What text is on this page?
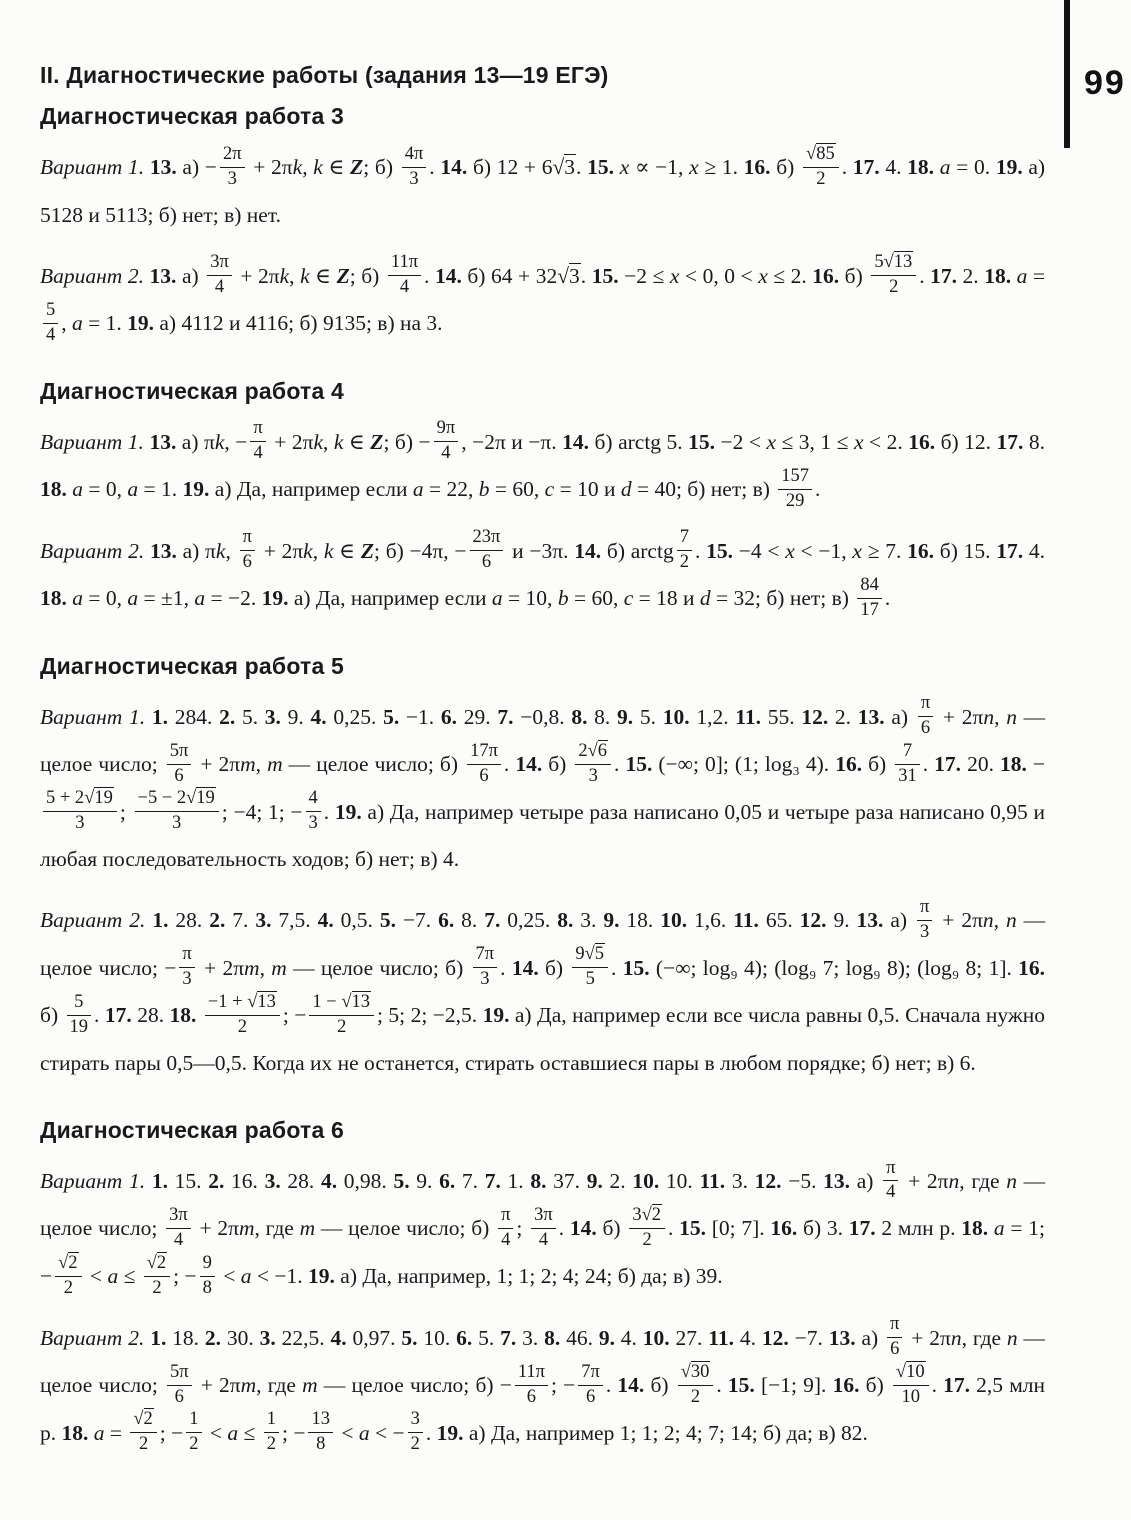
99
II. Диагностические работы (задания 13—19 ЕГЭ)
Диагностическая работа 3

Вариант 1. 13. $а) - \frac{2\pi}{3} + 2\pi k$, k ∈ Z; $б) \frac{4\pi}{3}$ . 14. б) 12 + 6√3. 15. x ∝ −1, x ≥ 1. 16. $б) \frac{√85}{2}$ . 17. 4. 18. a = 0. 19. а) 5128 и 5113; б) нет; в) нет.

Вариант 2. 13. $а) \frac{3\pi}{4} + 2\pi k$, k ∈ Z; $б) \frac{11\pi}{4}$ . 14. б) 64 + 32√3. 15. −2 ≤ x < 0, 0 < x ≤ 2. 16. $б) \frac{5√13}{2}$ . 17. 2. 18. a =
$\frac{5}{4}$ , a = 1. 19. а) 4112 и 4116; б) 9135; в) на 3.

Диагностическая работа 4

Вариант 1. 13. а) πk, − $\frac{\pi}{4} + 2\pi k$, k ∈ Z; $б) - \frac{9\pi}{4}$ , −2π и −π. 14. б) arctg 5. 15. −2 < x ≤ 3, 1 ≤ x < 2. 16. б) 12. 17. 8. 18. a = 0, a = 1. 19. а) Да, например если a = 22, b = 60, c = 10 и d = 40; б) нет; $в) \frac{157}{29}$ .

Вариант 2. 13. а) πk, $\frac{\pi}{6} + 2\pi k$, k ∈ Z; б) −4π, − $\frac{23\pi}{6}$ и −3π. 14. б) arctg $\frac{7}{2}$ . 15. −4 < x < −1, x ≥ 7. 16. б) 15. 17. 4. 18. a = 0, a = ±1, a = −2. 19. а) Да, например если a = 10, b = 60, c = 18 и d = 32; б) нет; $в) \frac{84}{17}$ .

Диагностическая работа 5

Вариант 1. 1. 284. 2. 5. 3. 9. 4. 0,25. 5. −1. 6. 29. 7. −0,8. 8. 8. 9. 5. 10. 1,2. 11. 55. 12. 2. 13. $а) \frac{\pi}{6} + 2\pi n$, n — целое число; $\frac{5\pi}{6} + 2\pi m$, m — целое число; $б) \frac{17\pi}{6}$ . 14. $б) \frac{2√6}{3}$ . 15. (−∞; 0]; (1; log₃ 4). 16. $б) \frac{7}{31}$ . 17. 20. 18. −
$\frac{5 + 2√19}{3}$ ; $\frac{-5 - 2√19}{3}$ ; −4; 1; − $\frac{4}{3}$ . 19. а) Да, например четыре раза написано 0,05 и четыре раза написано 0,95 и любая последовательность ходов; б) нет; в) 4.

Вариант 2. 1. 28. 2. 7. 3. 7,5. 4. 0,5. 5. −7. 6. 8. 7. 0,25. 8. 3. 9. 18. 10. 1,6. 11. 65. 12. 9. 13. $а) \frac{\pi}{3} + 2\pi n$, n — целое число; − $\frac{\pi}{3} + 2\pi m$, m — целое число; $б) \frac{7\pi}{3}$ . 14. $б) \frac{9√5}{5}$ . 15. (−∞; log₉ 4); (log₉ 7; log₉ 8); (log₉ 8; 1]. 16. $б) \frac{5}{19}$ . 17. 28. 18. $\frac{-1 + √13}{2}$ ; − $\frac{1 - √13}{2}$ ; 5; 2; −2,5. 19. а) Да, например если все числа равны 0,5. Сначала нужно стирать пары 0,5—0,5. Когда их не останется, стирать оставшиеся пары в любом порядке; б) нет; в) 6.

Диагностическая работа 6

Вариант 1. 1. 15. 2. 16. 3. 28. 4. 0,98. 5. 9. 6. 7. 7. 1. 8. 37. 9. 2. 10. 10. 11. 3. 12. −5. 13. $а) \frac{\pi}{4} + 2\pi n$, где n — целое число; $\frac{3\pi}{4} + 2\pi m$, где m — целое число; $б) \frac{\pi}{4}$ ; $\frac{3\pi}{4}$ . 14. $б) \frac{3√2}{2}$ . 15. [0; 7]. 16. б) 3. 17. 2 млн р. 18. a = 1; − $\frac{√2}{2} < a \le \frac{√2}{2}$ ; − $\frac{9}{8} < a < -1$. 19. а) Да, например, 1; 1; 2; 4; 24; б) да; в) 39.

Вариант 2. 1. 18. 2. 30. 3. 22,5. 4. 0,97. 5. 10. 6. 5. 7. 3. 8. 46. 9. 4. 10. 27. 11. 4. 12. −7. 13. $а) \frac{\pi}{6} + 2\pi n$, где n — целое число; $\frac{5\pi}{6} + 2\pi m$, где m — целое число; $б) - \frac{11\pi}{6}$ ; − $\frac{7\pi}{6}$ . 14. $б) \frac{√30}{2}$ . 15. [−1; 9]. 16. $б) \frac{√10}{10}$ . 17. 2,5 млн р. 18. $a = \frac{√2}{2}$ ; − $\frac{1}{2} < a \le \frac{1}{2}$ ; − $\frac{13}{8} < a$ < − $\frac{3}{2}$ . 19. а) Да, например 1; 1; 2; 4; 7; 14; б) да; в) 82.
